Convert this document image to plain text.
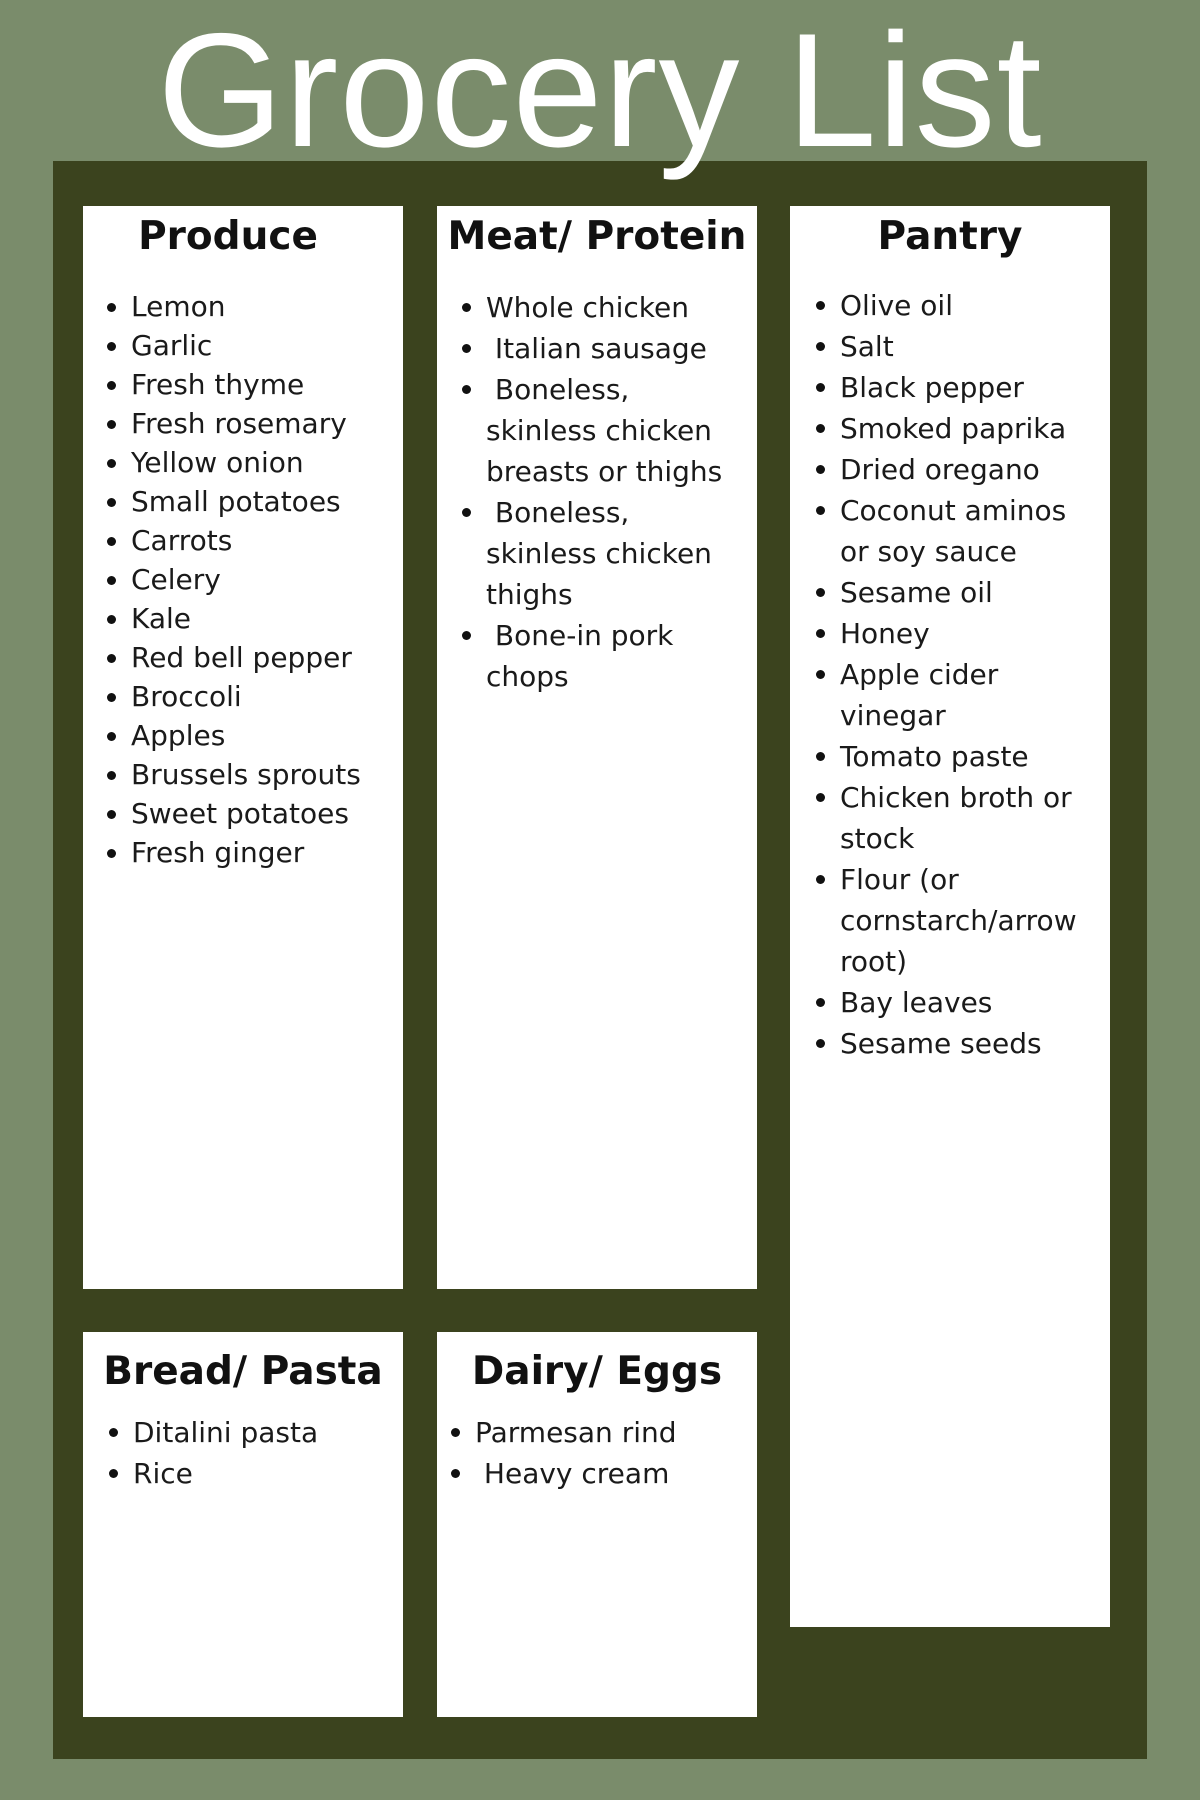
Grocery List
Produce
Lemon
Garlic
Fresh thyme
Fresh rosemary
Yellow onion
Small potatoes
Carrots
Celery
Kale
Red bell pepper
Broccoli
Apples
Brussels sprouts
Sweet potatoes
Fresh ginger
Meat/ Protein
Whole chicken
Italian sausage
Boneless, skinless chicken breasts or thighs
Boneless, skinless chicken thighs
Bone-in pork chops
Pantry
Olive oil
Salt
Black pepper
Smoked paprika
Dried oregano
Coconut aminos or soy sauce
Sesame oil
Honey
Apple cider vinegar
Tomato paste
Chicken broth or stock
Flour (or cornstarch/arrow root)
Bay leaves
Sesame seeds
Bread/ Pasta
Ditalini pasta
Rice
Dairy/ Eggs
Parmesan rind
Heavy cream
